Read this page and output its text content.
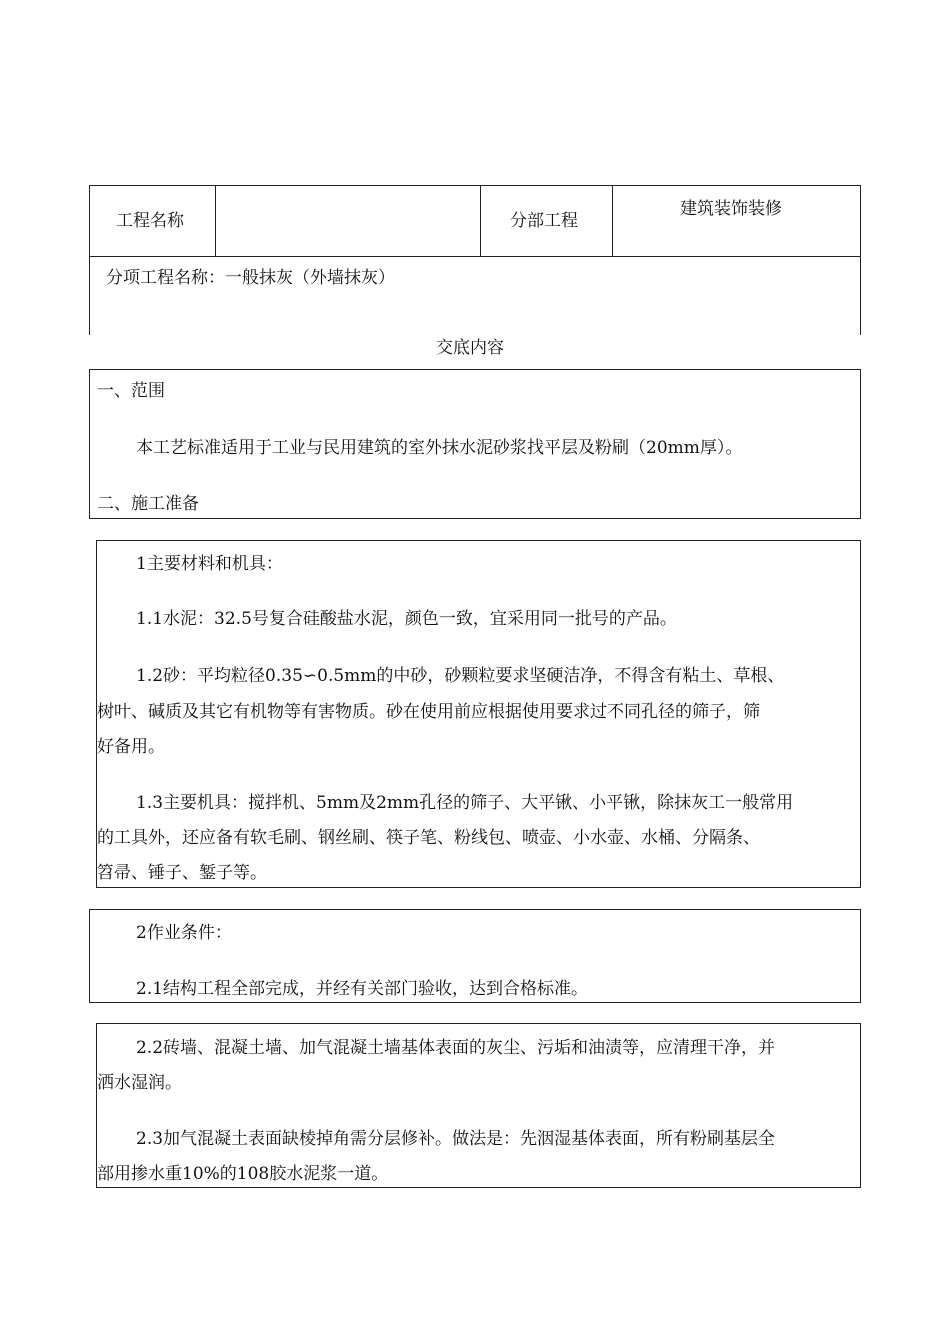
工程名称	分部工程
建筑装饰装修
分项工程名称：一般抹灰（外墙抹灰）
交底内容
一、范围
本工艺标准适用于工业与民用建筑的室外抹水泥砂浆找平层及粉刷（20mm厚）。
二、施工准备
1主要材料和机具：
1.1水泥：32.5号复合硅酸盐水泥，颜色一致，宜采用同一批号的产品。
1.2砂：平均粒径0.35∽0.5mm的中砂，砂颗粒要求坚硬洁净，不得含有粘土、草根、
树叶、碱质及其它有机物等有害物质。砂在使用前应根据使用要求过不同孔径的筛子，筛
好备用。
1.3主要机具：搅拌机、5mm及2mm孔径的筛子、大平锹、小平锹，除抹灰工一般常用
的工具外，还应备有软毛刷、钢丝刷、筷子笔、粉线包、喷壶、小水壶、水桶、分隔条、
笤帚、锤子、錾子等。
2作业条件：
2.1结构工程全部完成，并经有关部门验收，达到合格标准。
2.2砖墙、混凝土墙、加气混凝土墙基体表面的灰尘、污垢和油渍等，应清理干净，并
洒水湿润。
2.3加气混凝土表面缺棱掉角需分层修补。做法是：先洇湿基体表面，所有粉刷基层全
部用掺水重10%的108胶水泥浆一道。
